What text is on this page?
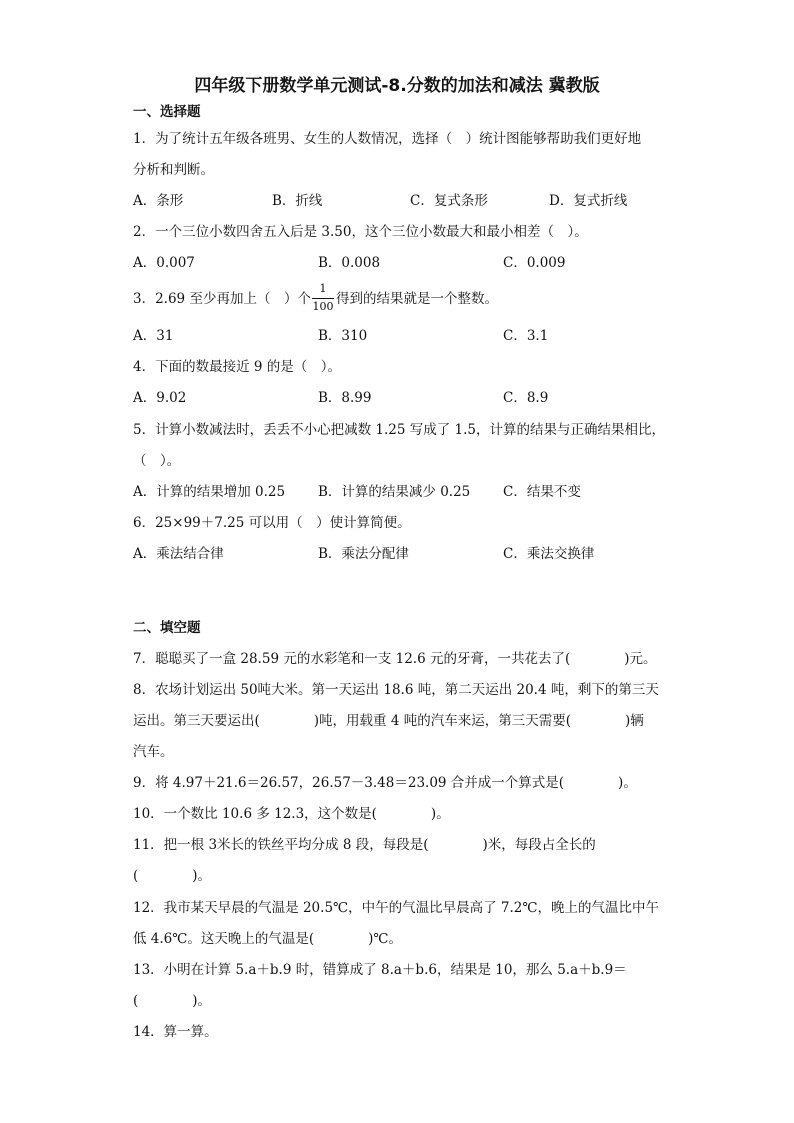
四年级下册数学单元测试-8.分数的加法和减法 冀教版
一、选择题
1．为了统计五年级各班男、女生的人数情况，选择（　）统计图能够帮助我们更好地
分析和判断。
A．条形	B．折线	C．复式条形	D．复式折线
2．一个三位小数四舍五入后是 3.50，这个三位小数最大和最小相差（　）。
A．0.007	B．0.008	C．0.009
3．2.69 至少再加上（　）个
1
100 得到的结果就是一个整数。
A．31	B．310	C．3.1
4．下面的数最接近 9 的是（　）。
A．9.02	B．8.99	C．8.9
5．计算小数减法时，丢丢不小心把减数 1.25 写成了 1.5，计算的结果与正确结果相比，
（　）。
A．计算的结果增加 0.25 B．计算的结果减少 0.25 C．结果不变
6．25×99＋7.25 可以用（　）使计算简便。
A．乘法结合律	B．乘法分配律	C．乘法交换律
二、填空题
7．聪聪买了一盒 28.59 元的水彩笔和一支 12.6 元的牙膏，一共花去了(　　　　)元。
8．农场计划运出 50吨大米。第一天运出 18.6 吨，第二天运出 20.4 吨，剩下的第三天
运出。第三天要运出(　　　　)吨，用载重 4 吨的汽车来运，第三天需要(　　　　)辆
汽车。
9．将 4.97＋21.6＝26.57，26.57－3.48＝23.09 合并成一个算式是(　　　　)。
10．一个数比 10.6 多 12.3，这个数是(　　　　)。
11．把一根 3米长的铁丝平均分成 8 段，每段是(　　　　)米，每段占全长的
(　　　　)。
12．我市某天早晨的气温是 20.5℃，中午的气温比早晨高了 7.2℃，晚上的气温比中午
低 4.6℃。这天晚上的气温是(　　　　)℃。
13．小明在计算 5.a＋b.9 时，错算成了 8.a＋b.6，结果是 10，那么 5.a＋b.9＝
(　　　　)。
14．算一算。
